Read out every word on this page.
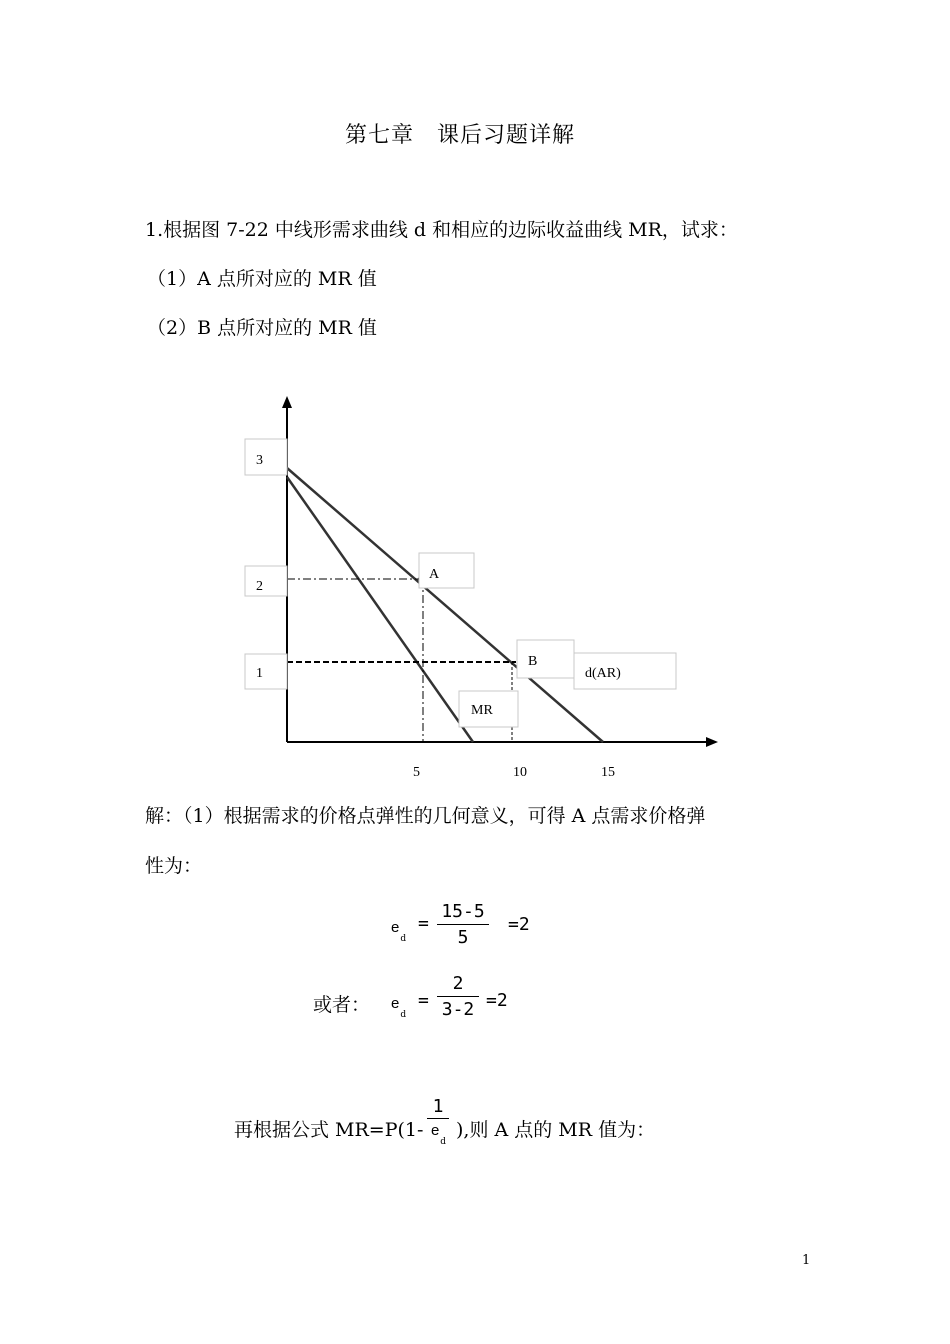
第七章　课后习题详解
1.根据图 7-22 中线形需求曲线 d 和相应的边际收益曲线 MR，试求：
（1）A 点所对应的 MR 值
（2）B 点所对应的 MR 值
3
2
1
A
B
d(AR)
MR
5	10	15
解：（1）根据需求的价格点弹性的几何意义，可得 A 点需求价格弹
性为：
$e_d$
=
15-5
5
=2
或者： $e_d$
=
2
3-2 =2
再根据公式 MR=P(1-
1
$e_d$
),则 A 点的 MR 值为：
1
